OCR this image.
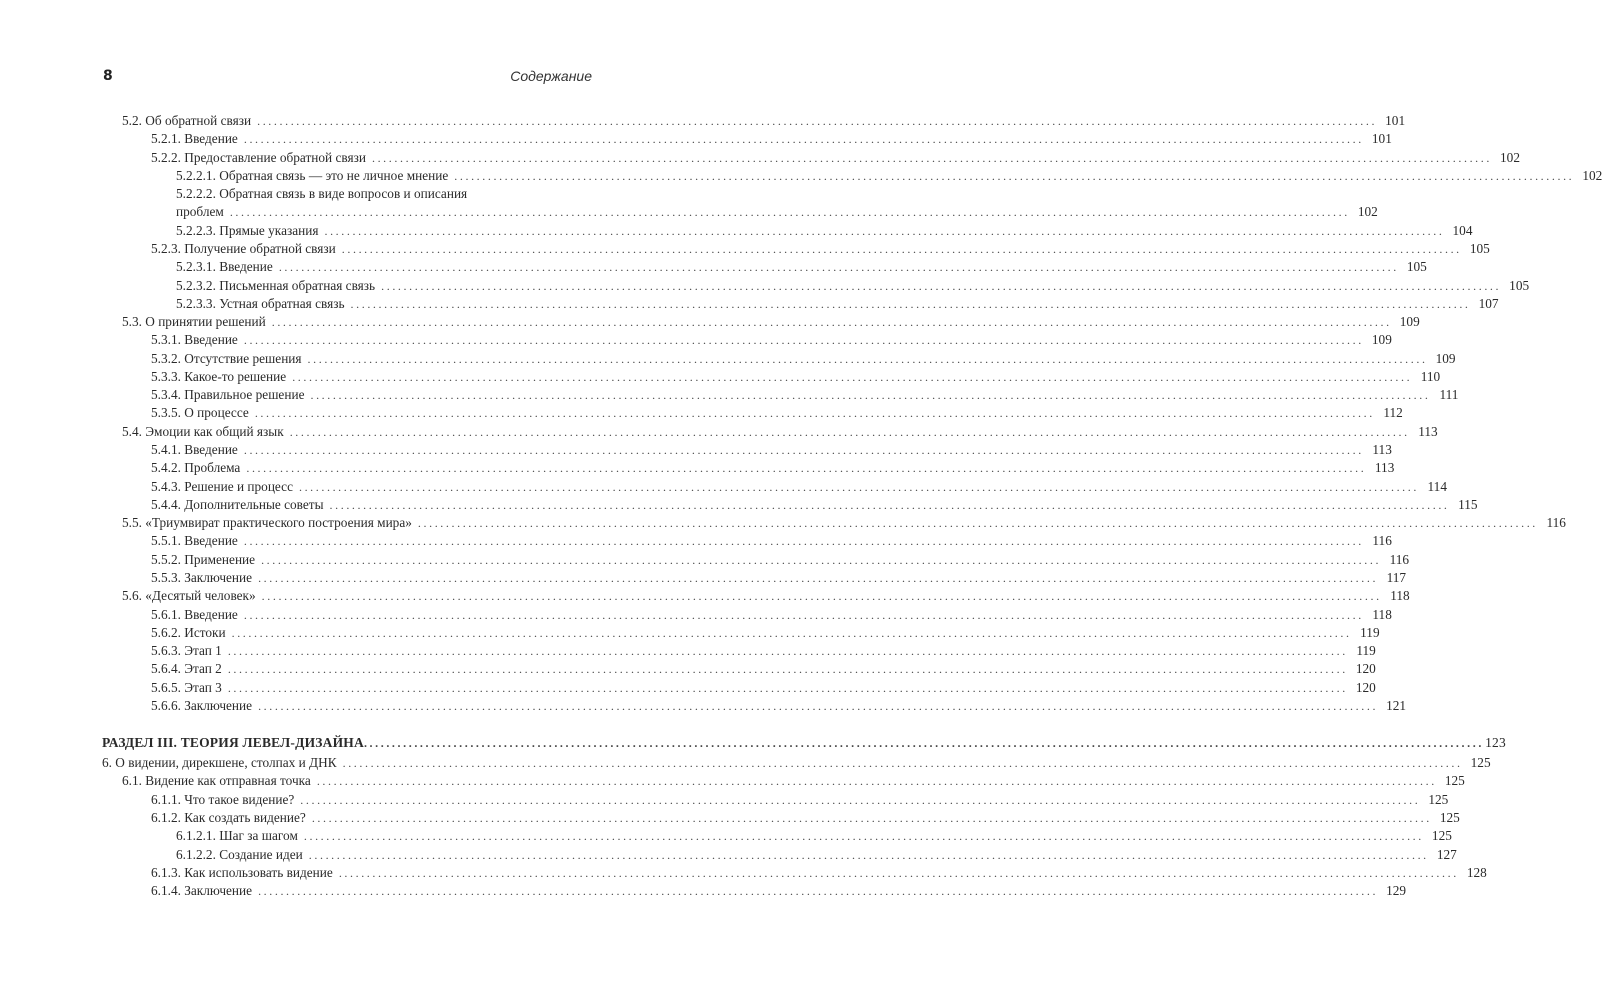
8	Содержание
5.2. Об обратной связи ........................................................................................................................................................................................................ 101
5.2.1. Введение ........................................................................................................................................................................................................ 101
5.2.2. Предоставление обратной связи ........................................................................................................................................................................................................ 102
5.2.2.1. Обратная связь — это не личное мнение ........................................................................................................................................................................................................ 102
5.2.2.2. Обратная связь в виде вопросов и описания
проблем ........................................................................................................................................................................................................ 102
5.2.2.3. Прямые указания ........................................................................................................................................................................................................ 104
5.2.3. Получение обратной связи ........................................................................................................................................................................................................ 105
5.2.3.1. Введение ........................................................................................................................................................................................................ 105
5.2.3.2. Письменная обратная связь ........................................................................................................................................................................................................ 105
5.2.3.3. Устная обратная связь ........................................................................................................................................................................................................ 107
5.3. О принятии решений ........................................................................................................................................................................................................ 109
5.3.1. Введение ........................................................................................................................................................................................................ 109
5.3.2. Отсутствие решения ........................................................................................................................................................................................................ 109
5.3.3. Какое-то решение ........................................................................................................................................................................................................ 110
5.3.4. Правильное решение ........................................................................................................................................................................................................ 111
5.3.5. О процессе ........................................................................................................................................................................................................ 112
5.4. Эмоции как общий язык ........................................................................................................................................................................................................ 113
5.4.1. Введение ........................................................................................................................................................................................................ 113
5.4.2. Проблема ........................................................................................................................................................................................................ 113
5.4.3. Решение и процесс ........................................................................................................................................................................................................ 114
5.4.4. Дополнительные советы ........................................................................................................................................................................................................ 115
5.5. «Триумвират практического построения мира» ........................................................................................................................................................................................................ 116
5.5.1. Введение ........................................................................................................................................................................................................ 116
5.5.2. Применение ........................................................................................................................................................................................................ 116
5.5.3. Заключение ........................................................................................................................................................................................................ 117
5.6. «Десятый человек» ........................................................................................................................................................................................................ 118
5.6.1. Введение ........................................................................................................................................................................................................ 118
5.6.2. Истоки ........................................................................................................................................................................................................ 119
5.6.3. Этап 1 ........................................................................................................................................................................................................ 119
5.6.4. Этап 2 ........................................................................................................................................................................................................ 120
5.6.5. Этап 3 ........................................................................................................................................................................................................ 120
5.6.6. Заключение ........................................................................................................................................................................................................ 121
РАЗДЕЛ III. ТЕОРИЯ ЛЕВЕЛ-ДИЗАЙНА ........................................................................................................................................................................................................ 123
6. О видении, дирекшене, столпах и ДНК ........................................................................................................................................................................................................ 125
6.1. Видение как отправная точка ........................................................................................................................................................................................................ 125
6.1.1. Что такое видение? ........................................................................................................................................................................................................ 125
6.1.2. Как создать видение? ........................................................................................................................................................................................................ 125
6.1.2.1. Шаг за шагом ........................................................................................................................................................................................................ 125
6.1.2.2. Создание идеи ........................................................................................................................................................................................................ 127
6.1.3. Как использовать видение ........................................................................................................................................................................................................ 128
6.1.4. Заключение ........................................................................................................................................................................................................ 129
